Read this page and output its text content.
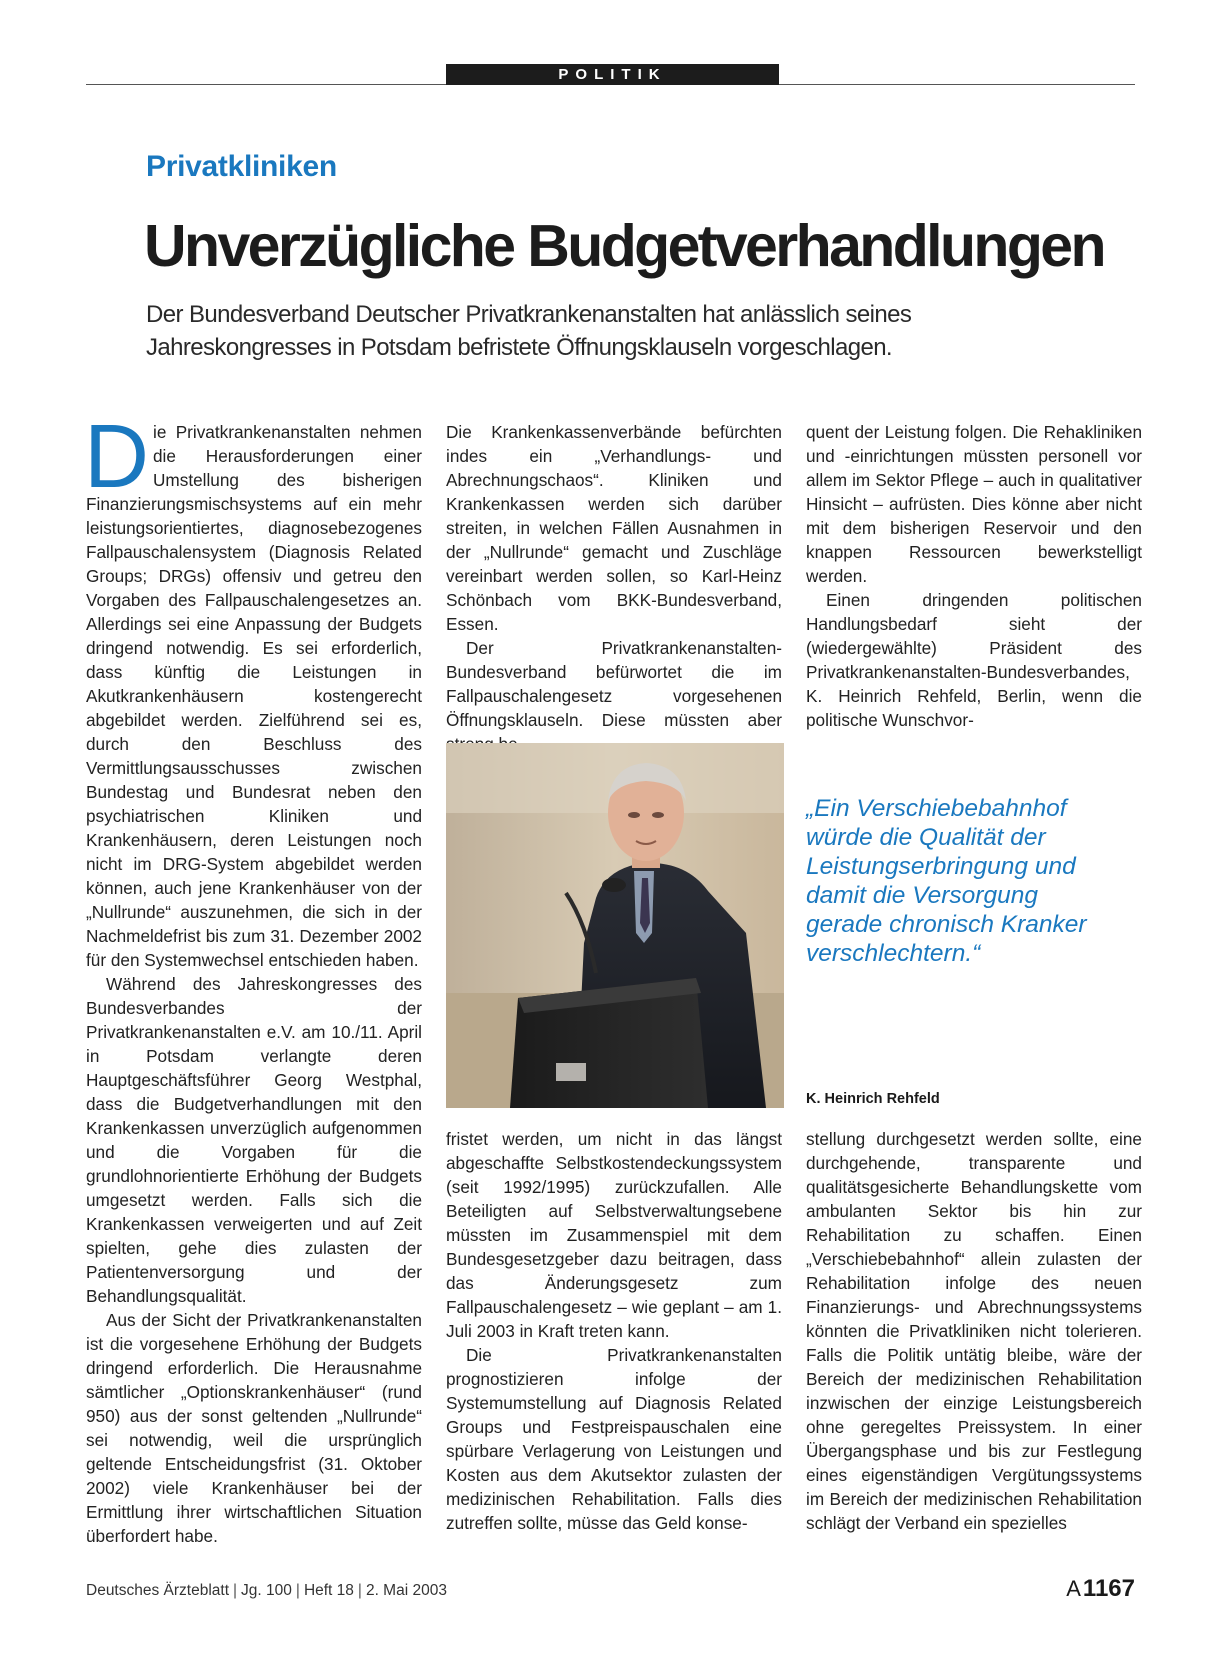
POLITIK
Privatkliniken
Unverzügliche Budgetverhandlungen
Der Bundesverband Deutscher Privatkrankenanstalten hat anlässlich seines Jahreskongresses in Potsdam befristete Öffnungsklauseln vorgeschlagen.

Die Privatkrankenanstalten nehmen die Herausforderungen einer Umstellung des bisherigen Finanzierungsmischsystems auf ein mehr leistungsorientiertes, diagnosebezogenes Fallpauschalensystem (Diagnosis Related Groups; DRGs) offensiv und getreu den Vorgaben des Fallpauschalengesetzes an. Allerdings sei eine Anpassung der Budgets dringend notwendig. Es sei erforderlich, dass künftig die Leistungen in Akutkrankenhäusern kostengerecht abgebildet werden. Zielführend sei es, durch den Beschluss des Vermittlungsausschusses zwischen Bundestag und Bundesrat neben den psychiatrischen Kliniken und Krankenhäusern, deren Leistungen noch nicht im DRG-System abgebildet werden können, auch jene Krankenhäuser von der „Nullrunde“ auszunehmen, die sich in der Nachmeldefrist bis zum 31. Dezember 2002 für den Systemwechsel entschieden haben.

Während des Jahreskongresses des Bundesverbandes der Privatkrankenanstalten e.V. am 10./11. April in Potsdam verlangte deren Hauptgeschäftsführer Georg Westphal, dass die Budgetverhandlungen mit den Krankenkassen unverzüglich aufgenommen und die Vorgaben für die grundlohnorientierte Erhöhung der Budgets umgesetzt werden. Falls sich die Krankenkassen verweigerten und auf Zeit spielten, gehe dies zulasten der Patientenversorgung und der Behandlungsqualität.

Aus der Sicht der Privatkrankenanstalten ist die vorgesehene Erhöhung der Budgets dringend erforderlich. Die Herausnahme sämtlicher „Optionskrankenhäuser“ (rund 950) aus der sonst geltenden „Nullrunde“ sei notwendig, weil die ursprünglich geltende Entscheidungsfrist (31. Oktober 2002) viele Krankenhäuser bei der Ermittlung ihrer wirtschaftlichen Situation überfordert habe.

Die Krankenkassenverbände befürchten indes ein „Verhandlungs- und Abrechnungschaos“. Kliniken und Krankenkassen werden sich darüber streiten, in welchen Fällen Ausnahmen in der „Nullrunde“ gemacht und Zuschläge vereinbart werden sollen, so Karl-Heinz Schönbach vom BKK-Bundesverband, Essen.

Der Privatkrankenanstalten-Bundesverband befürwortet die im Fallpauschalengesetz vorgesehenen Öffnungsklauseln. Diese müssten aber

quent der Leistung folgen. Die Rehakliniken und -einrichtungen müssten personell vor allem im Sektor Pflege – auch in qualitativer Hinsicht – aufrüsten. Dies könne aber nicht mit dem bisherigen Reservoir und den knappen Ressourcen bewerkstelligt werden.

Einen dringenden politischen Handlungsbedarf sieht der (wiedergewählte) Präsident des Privatkrankenanstalten-Bundesverbandes, K. Heinrich Rehfeld, Berlin, wenn die politische Wunschvor-

„Ein Verschiebebahnhof würde die Qualität der Leistungserbringung und damit die Versorgung gerade chronisch Kranker verschlechtern.“
K. Heinrich Rehfeld

fristet werden, um nicht in das längst abgeschaffte Selbstkostendeckungssystem (seit 1992/1995) zurückzufallen. Alle Beteiligten auf Selbstverwaltungsebene müssten im Zusammenspiel mit dem Bundesgesetzgeber dazu beitragen, dass das Änderungsgesetz zum Fallpauschalengesetz – wie geplant – am 1. Juli 2003 in Kraft treten kann.

Die Privatkrankenanstalten prognostizieren infolge der Systemumstellung auf Diagnosis Related Groups und Festpreispauschalen eine spürbare Verlagerung von Leistungen und Kosten aus dem Akutsektor zulasten der medizinischen Rehabilitation. Falls dies zutreffen sollte, müsse das Geld konse-

stellung durchgesetzt werden sollte, eine durchgehende, transparente und qualitätsgesicherte Behandlungskette vom ambulanten Sektor bis hin zur Rehabilitation zu schaffen. Einen „Verschiebebahnhof“ allein zulasten der Rehabilitation infolge des neuen Finanzierungs- und Abrechnungssystems könnten die Privatkliniken nicht tolerieren. Falls die Politik untätig bleibe, wäre der Bereich der medizinischen Rehabilitation inzwischen der einzige Leistungsbereich ohne geregeltes Preissystem. In einer Übergangsphase und bis zur Festlegung eines eigenständigen Vergütungssystems im Bereich der medizinischen Rehabilitation schlägt der Verband ein spezielles

Deutsches Ärzteblatt | Jg. 100 | Heft 18 | 2. Mai 2003	A 1167
